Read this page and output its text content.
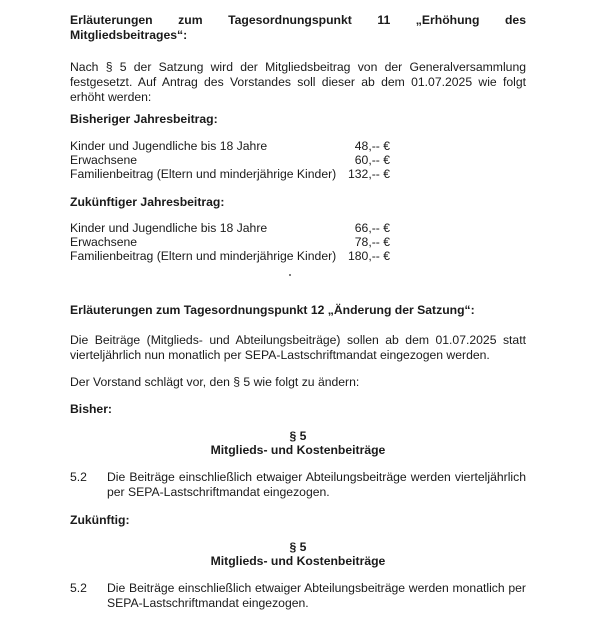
Erläuterungen zum Tagesordnungspunkt 11 „Erhöhung des
Mitgliedsbeitrages“:
Nach § 5 der Satzung wird der Mitgliedsbeitrag von der Generalversammlung
festgesetzt. Auf Antrag des Vorstandes soll dieser ab dem 01.07.2025 wie folgt
erhöht werden:
Bisheriger Jahresbeitrag:
Kinder und Jugendliche bis 18 Jahre	48,-- €
Erwachsene	60,-- €
Familienbeitrag (Eltern und minderjährige Kinder) 132,-- €
Zukünftiger Jahresbeitrag:
Kinder und Jugendliche bis 18 Jahre	66,-- €
Erwachsene	78,-- €
Familienbeitrag (Eltern und minderjährige Kinder) 180,-- €
Erläuterungen zum Tagesordnungspunkt 12 „Änderung der Satzung“:
Die Beiträge (Mitglieds- und Abteilungsbeiträge) sollen ab dem 01.07.2025 statt
vierteljährlich nun monatlich per SEPA-Lastschriftmandat eingezogen werden.
Der Vorstand schlägt vor, den § 5 wie folgt zu ändern:
Bisher:
§ 5
Mitglieds- und Kostenbeiträge
5.2 Die Beiträge einschließlich etwaiger Abteilungsbeiträge werden vierteljährlich
per SEPA-Lastschriftmandat eingezogen.
Zukünftig:
§ 5
Mitglieds- und Kostenbeiträge
5.2 Die Beiträge einschließlich etwaiger Abteilungsbeiträge werden monatlich per
SEPA-Lastschriftmandat eingezogen.
